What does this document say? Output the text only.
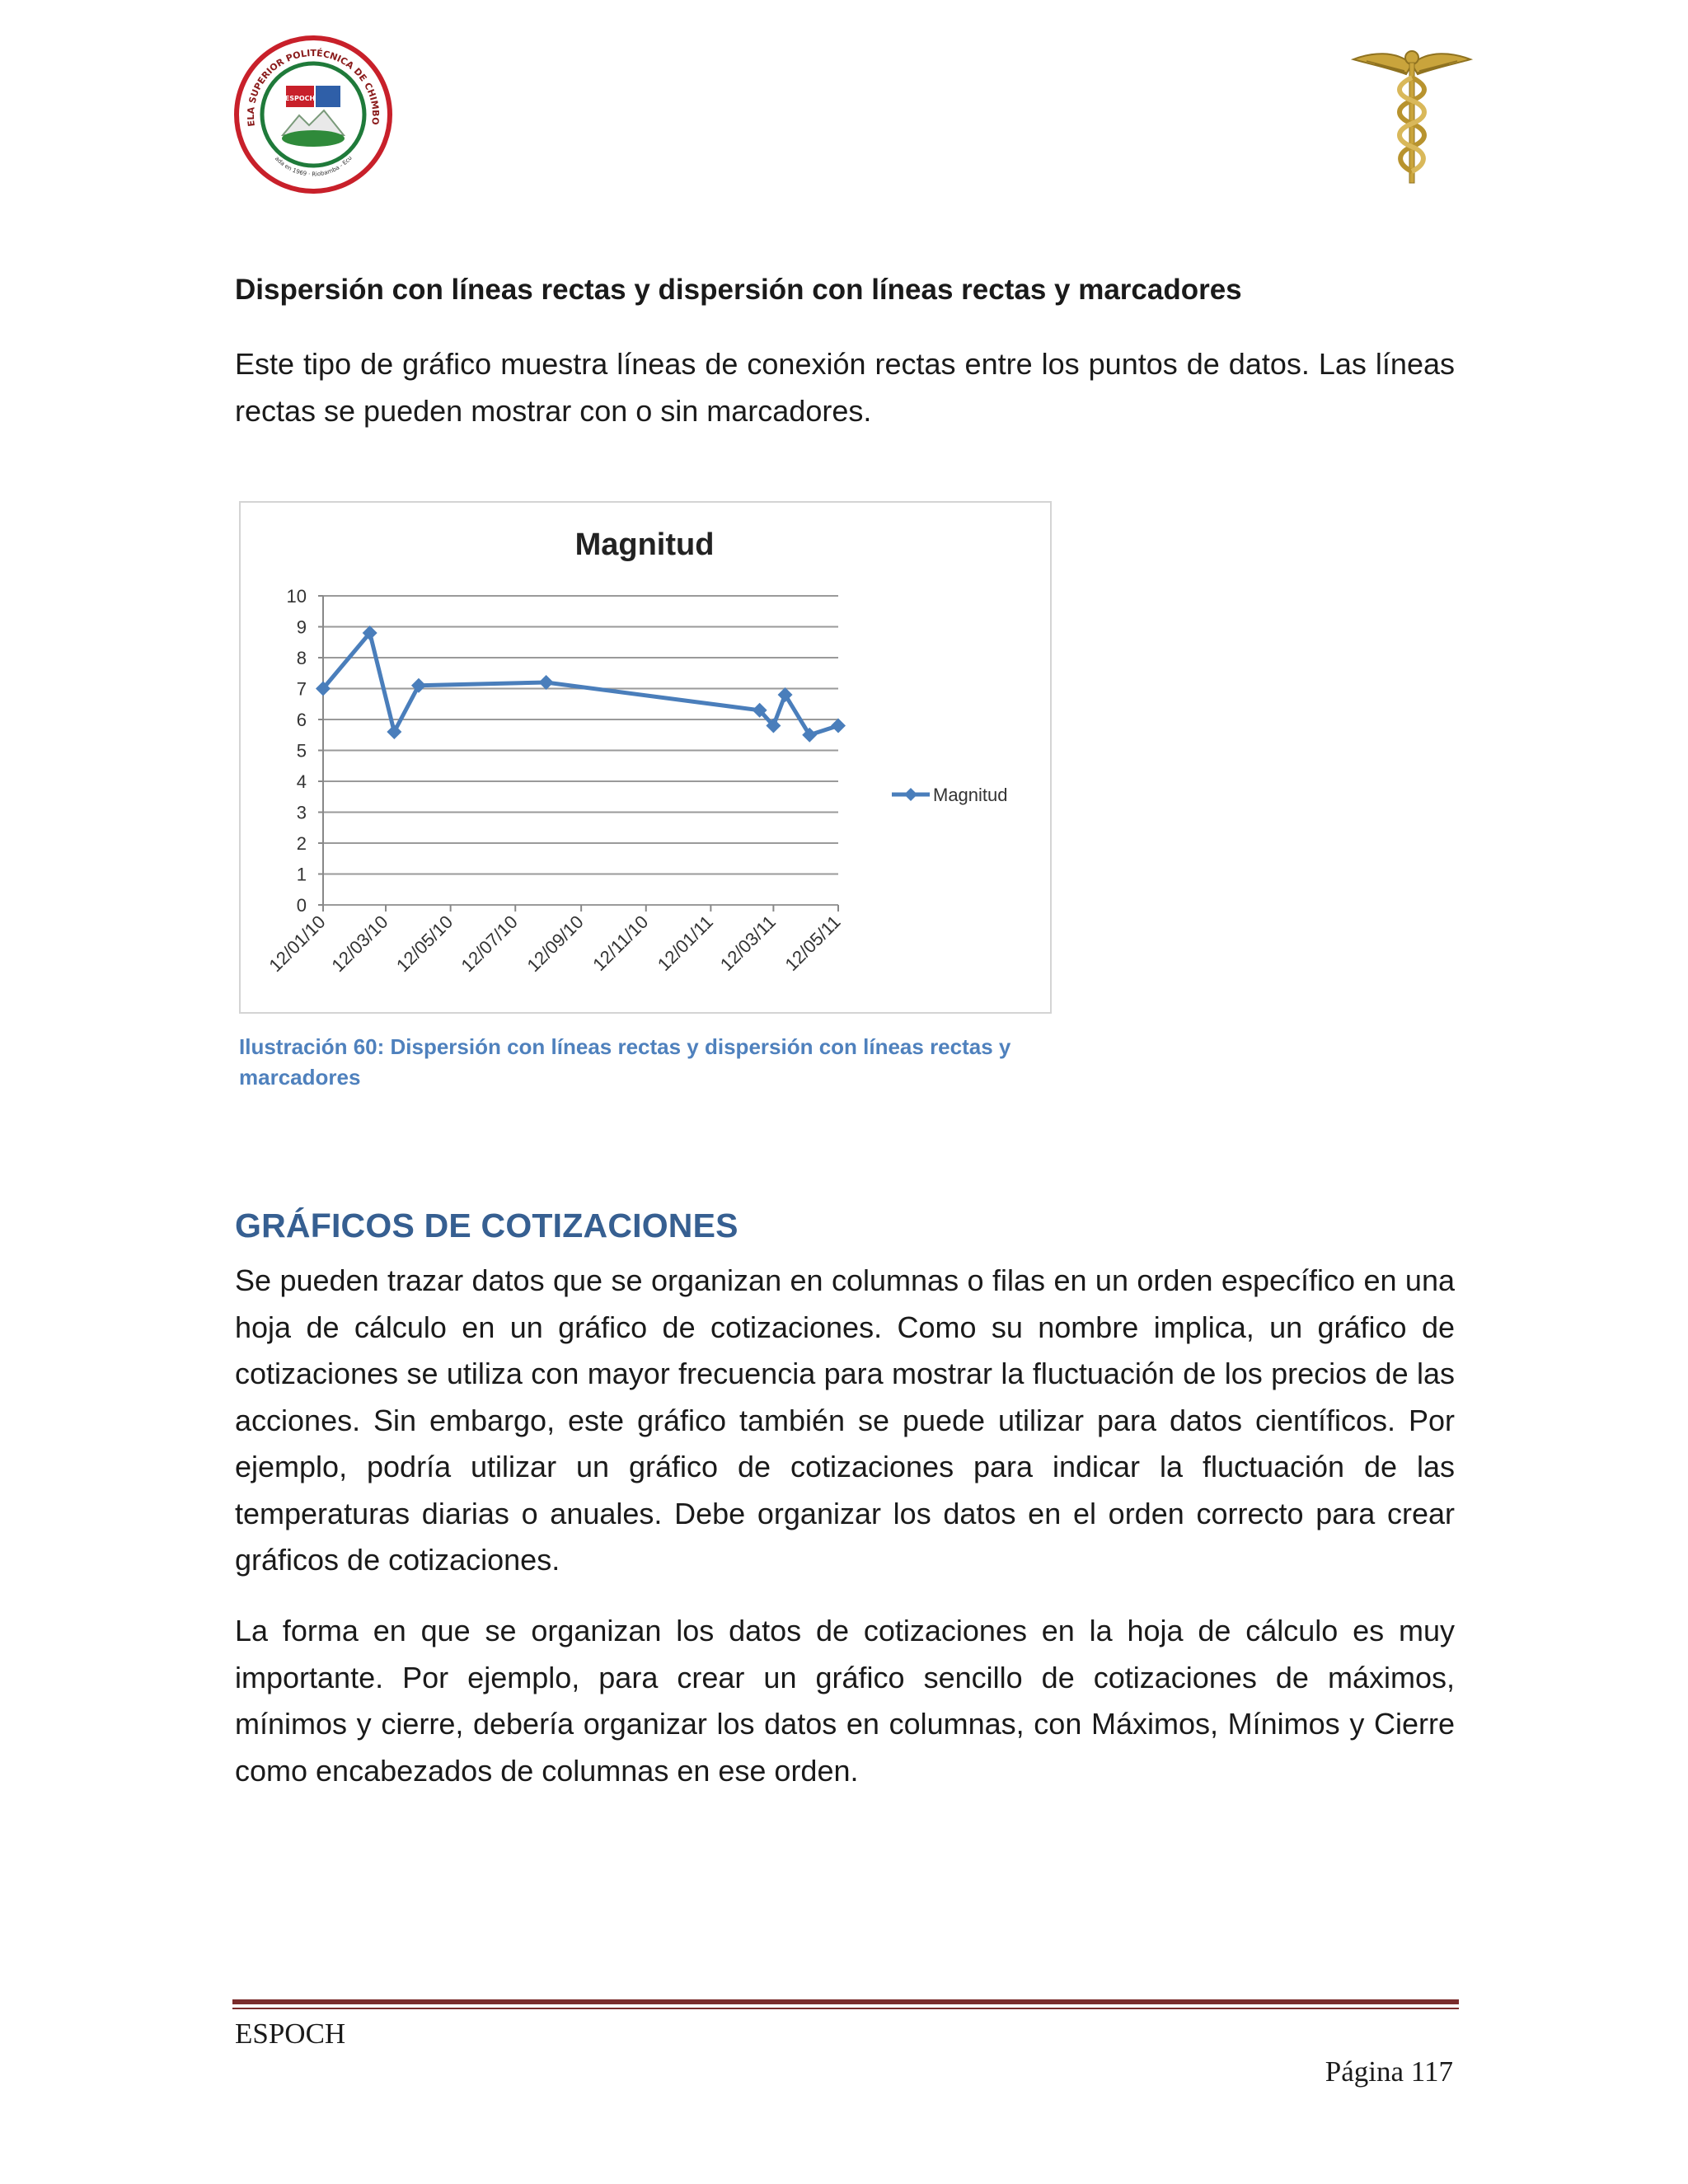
ELA SUPERIOR POLITÉCNICA DE CHIMBO
ESPOCH
ada en 1969 · Riobamba - Ecu

Dispersión con líneas rectas y dispersión con líneas rectas y marcadores

Este tipo de gráfico muestra líneas de conexión rectas entre los puntos de datos. Las líneas rectas se pueden mostrar con o sin marcadores.

Magnitud
0
1
2
3
4
5
6
7
8
9
10
12/01/10
12/03/10 12/05/10 12/07/10 12/09/10 12/11/10 12/01/11
12/03/11 12/05/11
Magnitud

Ilustración 60: Dispersión con líneas rectas y dispersión con líneas rectas y marcadores

GRÁFICOS DE COTIZACIONES

Se pueden trazar datos que se organizan en columnas o filas en un orden específico en una hoja de cálculo en un gráfico de cotizaciones. Como su nombre implica, un gráfico de cotizaciones se utiliza con mayor frecuencia para mostrar la fluctuación de los precios de las acciones. Sin embargo, este gráfico también se puede utilizar para datos científicos. Por ejemplo, podría utilizar un gráfico de cotizaciones para indicar la fluctuación de las temperaturas diarias o anuales. Debe organizar los datos en el orden correcto para crear gráficos de cotizaciones.

La forma en que se organizan los datos de cotizaciones en la hoja de cálculo es muy importante. Por ejemplo, para crear un gráfico sencillo de cotizaciones de máximos, mínimos y cierre, debería organizar los datos en columnas, con Máximos, Mínimos y Cierre como encabezados de columnas en ese orden.

ESPOCH

Página 117
